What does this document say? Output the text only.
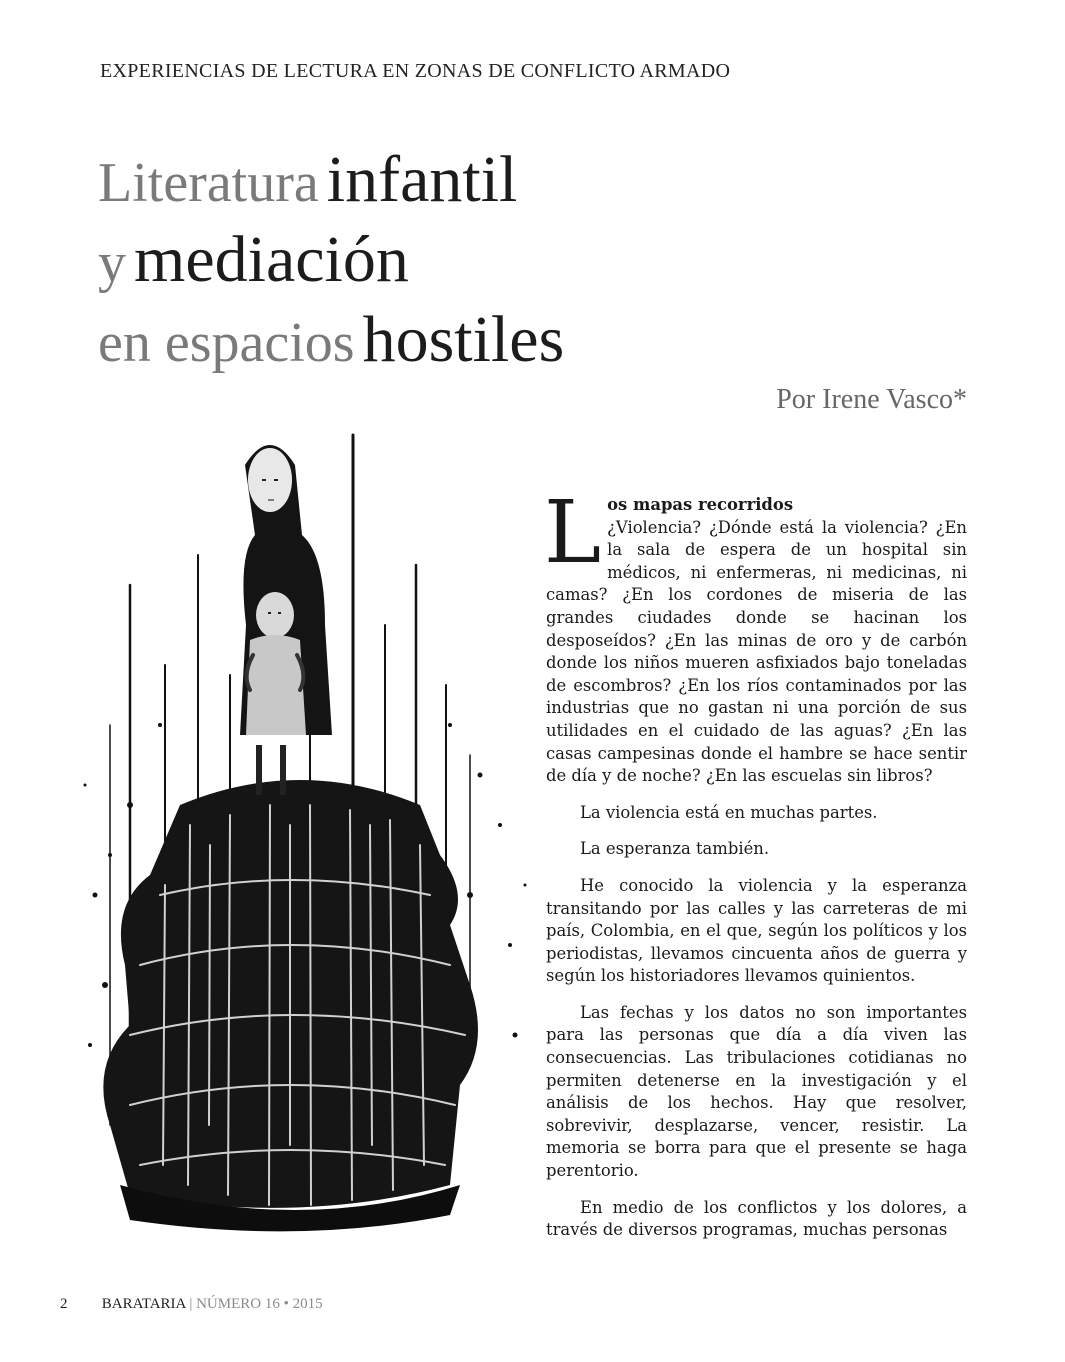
EXPERIENCIAS DE LECTURA EN ZONAS DE CONFLICTO ARMADO
Literatura infantil
y mediación
en espacios hostiles
Por Irene Vasco*
L os mapas recorridos

¿Violencia? ¿Dónde está la violencia? ¿En la sala de espera de un hospital sin médicos, ni enfermeras, ni medicinas, ni camas? ¿En los cordones de miseria de las grandes ciudades donde se hacinan los desposeídos? ¿En las minas de oro y de carbón donde los niños mueren asfixiados bajo toneladas de escombros? ¿En los ríos contaminados por las industrias que no gastan ni una porción de sus utilidades en el cuidado de las aguas? ¿En las casas campesinas donde el hambre se hace sentir de día y de noche? ¿En las escuelas sin libros?

La violencia está en muchas partes.

La esperanza también.

He conocido la violencia y la esperanza transitando por las calles y las carreteras de mi país, Colombia, en el que, según los políticos y los periodistas, llevamos cincuenta años de guerra y según los historiadores llevamos quinientos.

Las fechas y los datos no son importantes para las personas que día a día viven las consecuencias. Las tribulaciones cotidianas no permiten detenerse en la investigación y el análisis de los hechos. Hay que resolver, sobrevivir, desplazarse, vencer, resistir. La memoria se borra para que el presente se haga perentorio.

En medio de los conflictos y los dolores, a través de diversos programas, muchas personas

2 BARATARIA | NÚMERO 16 • 2015
